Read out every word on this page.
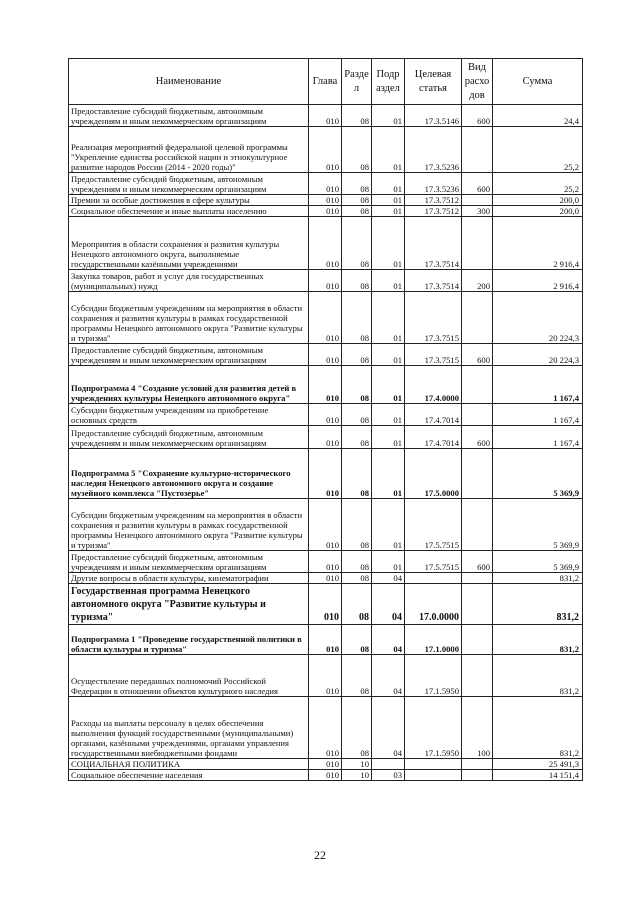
Наименование	Глава	Разде л	Подр аздел	Целевая статья	Вид расхо дов	Сумма
Предоставление субсидий бюджетным, автономным учреждениям и иным некоммерческим организациям	010	08	01	17.3.5146	600	24,4
Реализация мероприятий федеральной целевой программы "Укрепление единства российской нации и этнокультурное развитие народов России (2014 - 2020 годы)"	010	08	01	17.3.5236		25,2
Предоставление субсидий бюджетным, автономным учреждениям и иным некоммерческим организациям	010	08	01	17.3.5236	600	25,2
Премии за особые достижения в сфере культуры	010	08	01	17.3.7512		200,0
Социальное обеспечение и иные выплаты населению	010	08	01	17.3.7512	300	200,0
Мероприятия в области сохранения и развития культуры Ненецкого автономного округа, выполняемые государственными казёнными учреждениями	010	08	01	17.3.7514		2 916,4
Закупка товаров, работ и услуг для государственных (муниципальных) нужд	010	08	01	17.3.7514	200	2 916,4
Субсидии бюджетным учреждениям на мероприятия в области сохранения и развития культуры в рамках государственной программы Ненецкого автономного округа "Развитие культуры и туризма"	010	08	01	17.3.7515		20 224,3
Предоставление субсидий бюджетным, автономным учреждениям и иным некоммерческим организациям	010	08	01	17.3.7515	600	20 224,3
Подпрограмма 4 "Создание условий для развития детей в учреждениях культуры Ненецкого автономного округа"	010	08	01	17.4.0000		1 167,4
Субсидии бюджетным учреждениям на приобретение основных средств	010	08	01	17.4.7014		1 167,4
Предоставление субсидий бюджетным, автономным учреждениям и иным некоммерческим организациям	010	08	01	17.4.7014	600	1 167,4
Подпрограмма 5 "Сохранение культурно-исторического наследия Ненецкого автономного округа и создание музейного комплекса "Пустозерье"	010	08	01	17.5.0000		5 369,9
Субсидии бюджетным учреждениям на мероприятия в области сохранения и развития культуры в рамках государственной программы Ненецкого автономного округа "Развитие культуры и туризма"	010	08	01	17.5.7515		5 369,9
Предоставление субсидий бюджетным, автономным учреждениям и иным некоммерческим организациям	010	08	01	17.5.7515	600	5 369,9
Другие вопросы в области культуры, кинематографии	010	08	04			831,2
Государственная программа Ненецкого автономного округа "Развитие культуры и туризма"	010	08	04	17.0.0000		831,2
Подпрограмма 1 "Проведение государственной политики в области культуры и туризма"	010	08	04	17.1.0000		831,2
Осуществление переданных полномочий Российской Федерации в отношении объектов культурного наследия	010	08	04	17.1.5950		831,2
Расходы на выплаты персоналу в целях обеспечения выполнения функций государственными (муниципальными) органами, казёнными учреждениями, органами управления государственными внебюджетными фондами	010	08	04	17.1.5950	100	831,2
СОЦИАЛЬНАЯ ПОЛИТИКА	010	10				25 491,3
Социальное обеспечение населения	010	10	03			14 151,4
22
